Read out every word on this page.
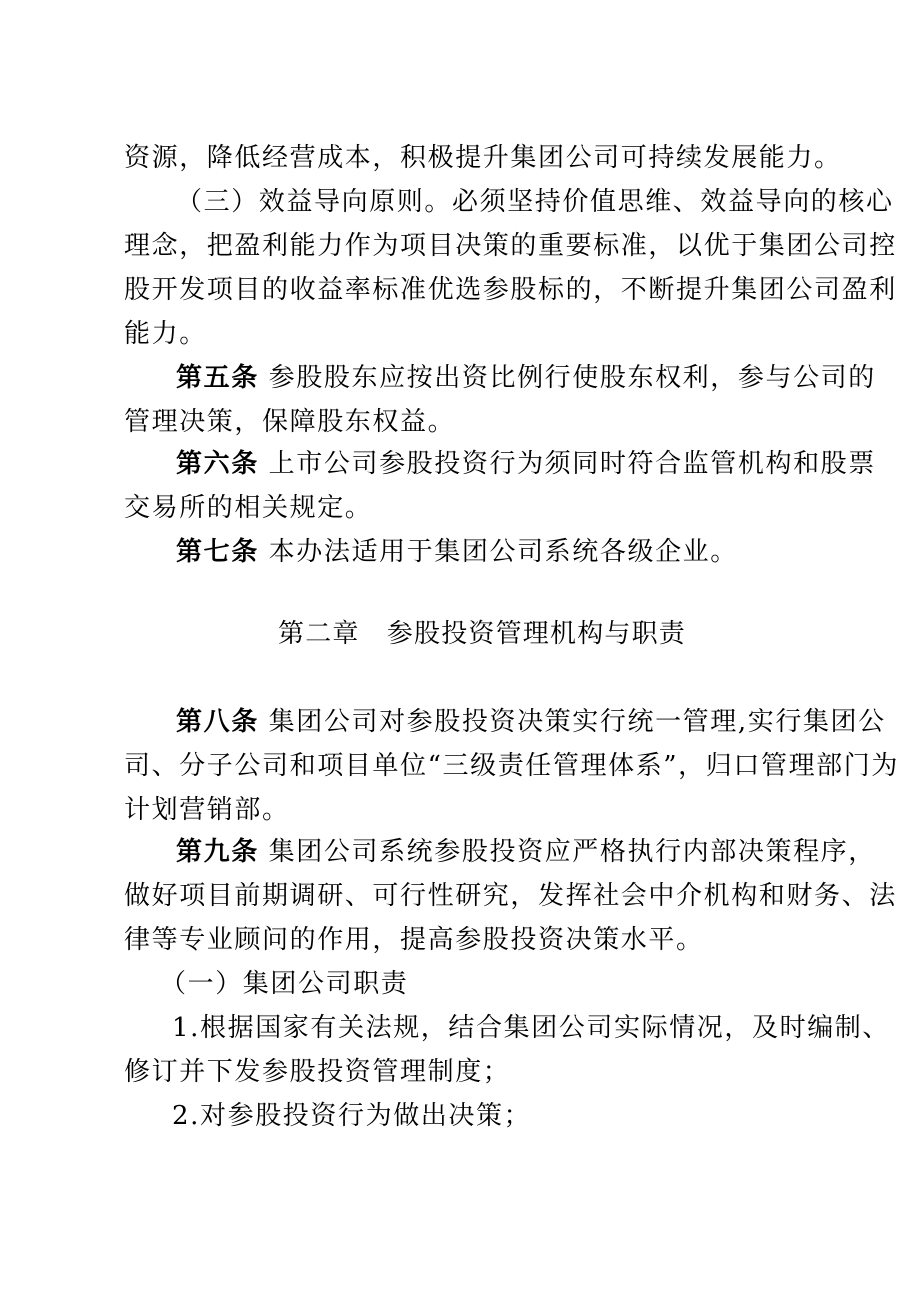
资源，降低经营成本，积极提升集团公司可持续发展能力。
（三）效益导向原则。必须坚持价值思维、效益导向的核心
理念，把盈利能力作为项目决策的重要标准，以优于集团公司控
股开发项目的收益率标准优选参股标的，不断提升集团公司盈利
能力。
第五条 参股股东应按出资比例行使股东权利，参与公司的
管理决策，保障股东权益。
第六条 上市公司参股投资行为须同时符合监管机构和股票
交易所的相关规定。
第七条 本办法适用于集团公司系统各级企业。
第二章　参股投资管理机构与职责
第八条 集团公司对参股投资决策实行统一管理,实行集团公
司、分子公司和项目单位“三级责任管理体系”，归口管理部门为
计划营销部。
第九条 集团公司系统参股投资应严格执行内部决策程序，
做好项目前期调研、可行性研究，发挥社会中介机构和财务、法
律等专业顾问的作用，提高参股投资决策水平。
（一）集团公司职责
1.根据国家有关法规，结合集团公司实际情况，及时编制、
修订并下发参股投资管理制度；
2.对参股投资行为做出决策；
